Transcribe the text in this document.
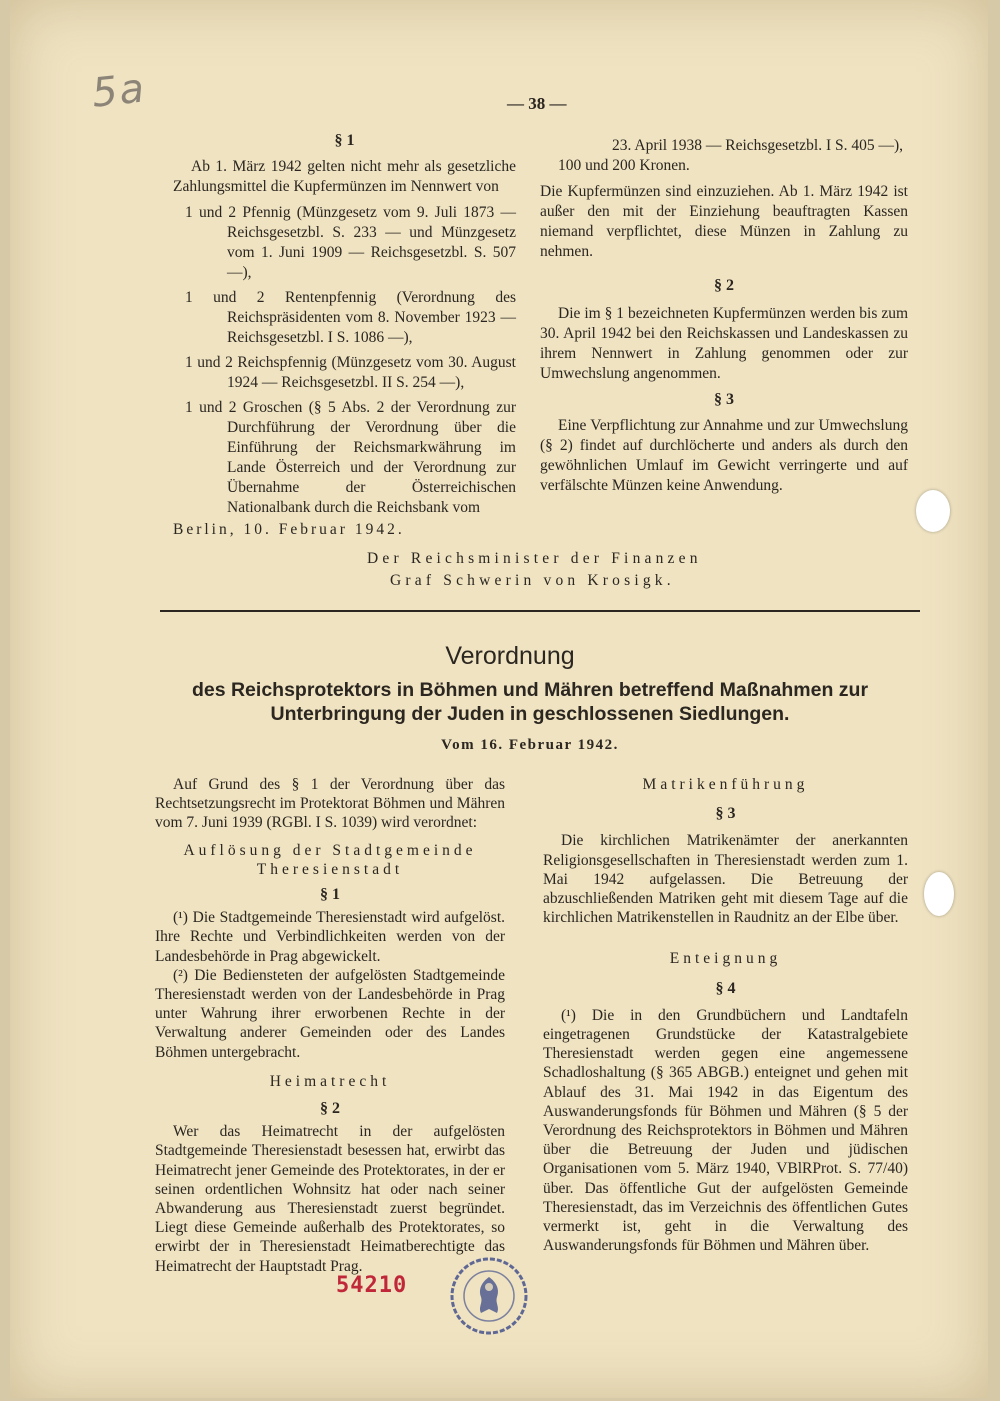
5a	— 38 —

§ 1

Ab 1. März 1942 gelten nicht mehr als gesetzliche Zahlungsmittel die Kupfermünzen im Nennwert von

1 und 2 Pfennig (Münzgesetz vom 9. Juli 1873 — Reichsgesetzbl. S. 233 — und Münzgesetz vom 1. Juni 1909 — Reichsgesetzbl. S. 507 —),

1 und 2 Rentenpfennig (Verordnung des Reichspräsidenten vom 8. November 1923 — Reichsgesetzbl. I S. 1086 —),

1 und 2 Reichspfennig (Münzgesetz vom 30. August 1924 — Reichsgesetzbl. II S. 254 —),

1 und 2 Groschen (§ 5 Abs. 2 der Verordnung zur Durchführung der Verordnung über die Einführung der Reichsmarkwährung im Lande Österreich und der Verordnung zur Übernahme der Österreichischen Nationalbank durch die Reichsbank vom

23. April 1938 — Reichsgesetzbl. I S. 405 —),

100 und 200 Kronen.

Die Kupfermünzen sind einzuziehen. Ab 1. März 1942 ist außer den mit der Einziehung beauftragten Kassen niemand verpflichtet, diese Münzen in Zahlung zu nehmen.

§ 2

Die im § 1 bezeichneten Kupfermünzen werden bis zum 30. April 1942 bei den Reichskassen und Landeskassen zu ihrem Nennwert in Zahlung genommen oder zur Umwechslung angenommen.

§ 3

Eine Verpflichtung zur Annahme und zur Umwechslung (§ 2) findet auf durchlöcherte und anders als durch den gewöhnlichen Umlauf im Gewicht verringerte und auf verfälschte Münzen keine Anwendung.

Berlin, 10. Februar 1942.
Der Reichsminister der Finanzen
Graf Schwerin von Krosigk.
Verordnung
des Reichsprotektors in Böhmen und Mähren betreffend Maßnahmen zur
Unterbringung der Juden in geschlossenen Siedlungen.
Vom 16. Februar 1942.

Auf Grund des § 1 der Verordnung über das Rechtsetzungsrecht im Protektorat Böhmen und Mähren vom 7. Juni 1939 (RGBl. I S. 1039) wird verordnet:

Auflösung der Stadtgemeinde

Theresienstadt

§ 1

(¹) Die Stadtgemeinde Theresienstadt wird aufgelöst. Ihre Rechte und Verbindlichkeiten werden von der Landesbehörde in Prag abgewickelt.

(²) Die Bediensteten der aufgelösten Stadtgemeinde Theresienstadt werden von der Landesbehörde in Prag unter Wahrung ihrer erworbenen Rechte in der Verwaltung anderer Gemeinden oder des Landes Böhmen untergebracht.

Heimatrecht

§ 2

Wer das Heimatrecht in der aufgelösten Stadtgemeinde Theresienstadt besessen hat, erwirbt das Heimatrecht jener Gemeinde des Protektorates, in der er seinen ordentlichen Wohnsitz hat oder nach seiner Abwanderung aus Theresienstadt zuerst begründet. Liegt diese Gemeinde außerhalb des Protektorates, so erwirbt der in Theresienstadt Heimatberechtigte das Heimatrecht der Hauptstadt Prag.

Matrikenführung

§ 3

Die kirchlichen Matrikenämter der anerkannten Religionsgesellschaften in Theresienstadt werden zum 1. Mai 1942 aufgelassen. Die Betreuung der abzuschließenden Matriken geht mit diesem Tage auf die kirchlichen Matrikenstellen in Raudnitz an der Elbe über.

Enteignung

§ 4

(¹) Die in den Grundbüchern und Landtafeln eingetragenen Grundstücke der Katastralgebiete Theresienstadt werden gegen eine angemessene Schadloshaltung (§ 365 ABGB.) enteignet und gehen mit Ablauf des 31. Mai 1942 in das Eigentum des Auswanderungsfonds für Böhmen und Mähren (§ 5 der Verordnung des Reichsprotektors in Böhmen und Mähren über die Betreuung der Juden und jüdischen Organisationen vom 5. März 1940, VBlRProt. S. 77/40) über. Das öffentliche Gut der aufgelösten Gemeinde Theresienstadt, das im Verzeichnis des öffentlichen Gutes vermerkt ist, geht in die Verwaltung des Auswanderungsfonds für Böhmen und Mähren über.

54210
